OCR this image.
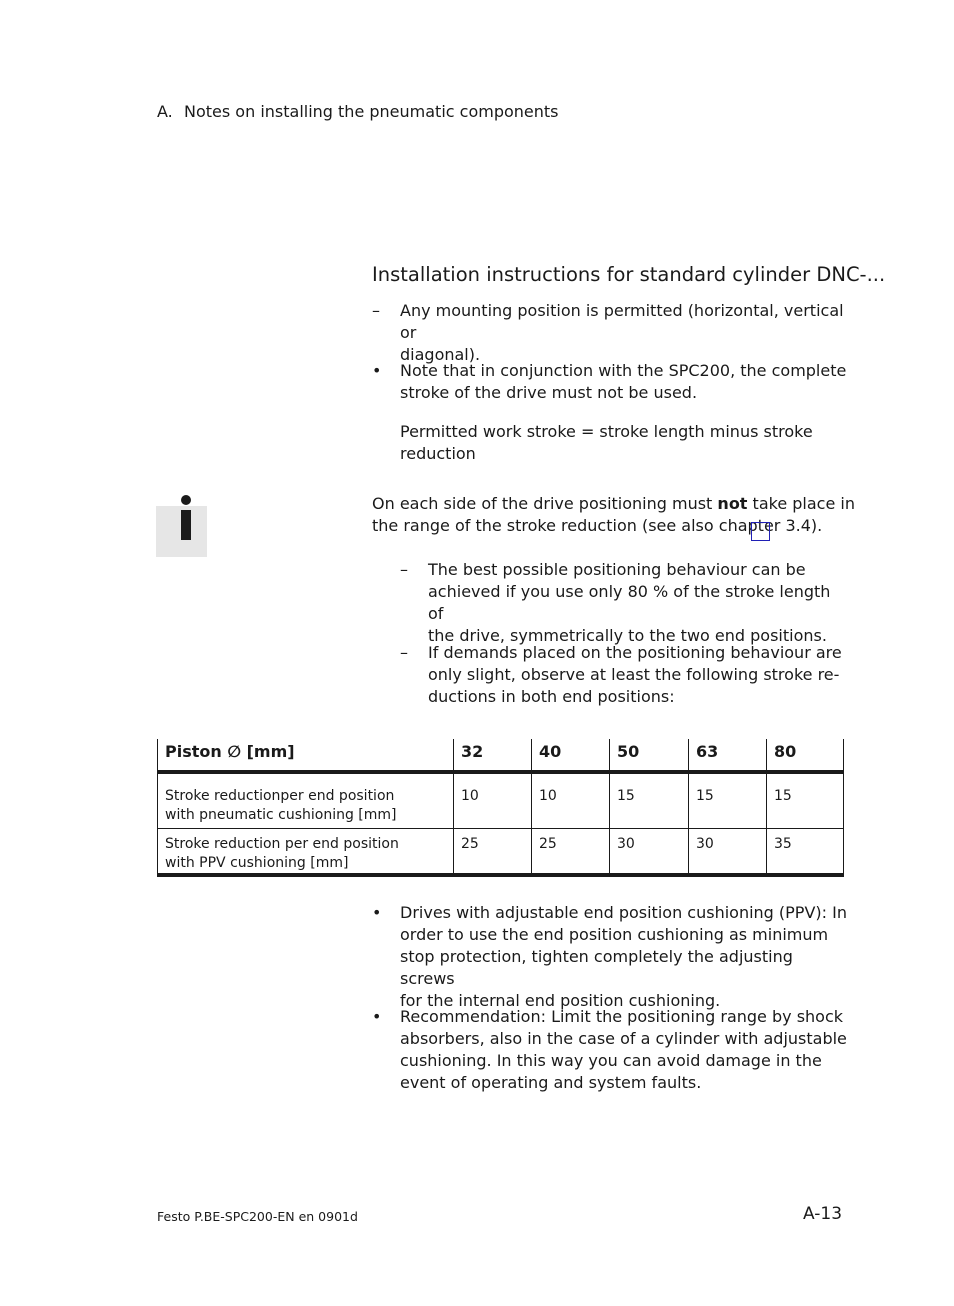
A. Notes on installing the pneumatic components
Installation instructions for standard cylinder DNC-...
– Any mounting position is permitted (horizontal, vertical or
diagonal).
• Note that in conjunction with the SPC200, the complete
stroke of the drive must not be used.
Permitted work stroke = stroke length minus stroke
reduction
On each side of the drive positioning must not take place in
the range of the stroke reduction (see also chapter 3.4).
– The best possible positioning behaviour can be
achieved if you use only 80 % of the stroke length of
the drive, symmetrically to the two end positions.
– If demands placed on the positioning behaviour are
only slight, observe at least the following stroke re-
ductions in both end positions:
Piston ∅ [mm]	32	40	50	63	80

Stroke reductionper end position
with pneumatic cushioning [mm]	10	10	15	15	15

Stroke reduction per end position
with PPV cushioning [mm]	25	25	30	30	35
• Drives with adjustable end position cushioning (PPV): In
order to use the end position cushioning as minimum
stop protection, tighten completely the adjusting screws
for the internal end position cushioning.
• Recommendation: Limit the positioning range by shock
absorbers, also in the case of a cylinder with adjustable
cushioning. In this way you can avoid damage in the
event of operating and system faults.
Festo P.BE-SPC200-EN en 0901d	A-13
